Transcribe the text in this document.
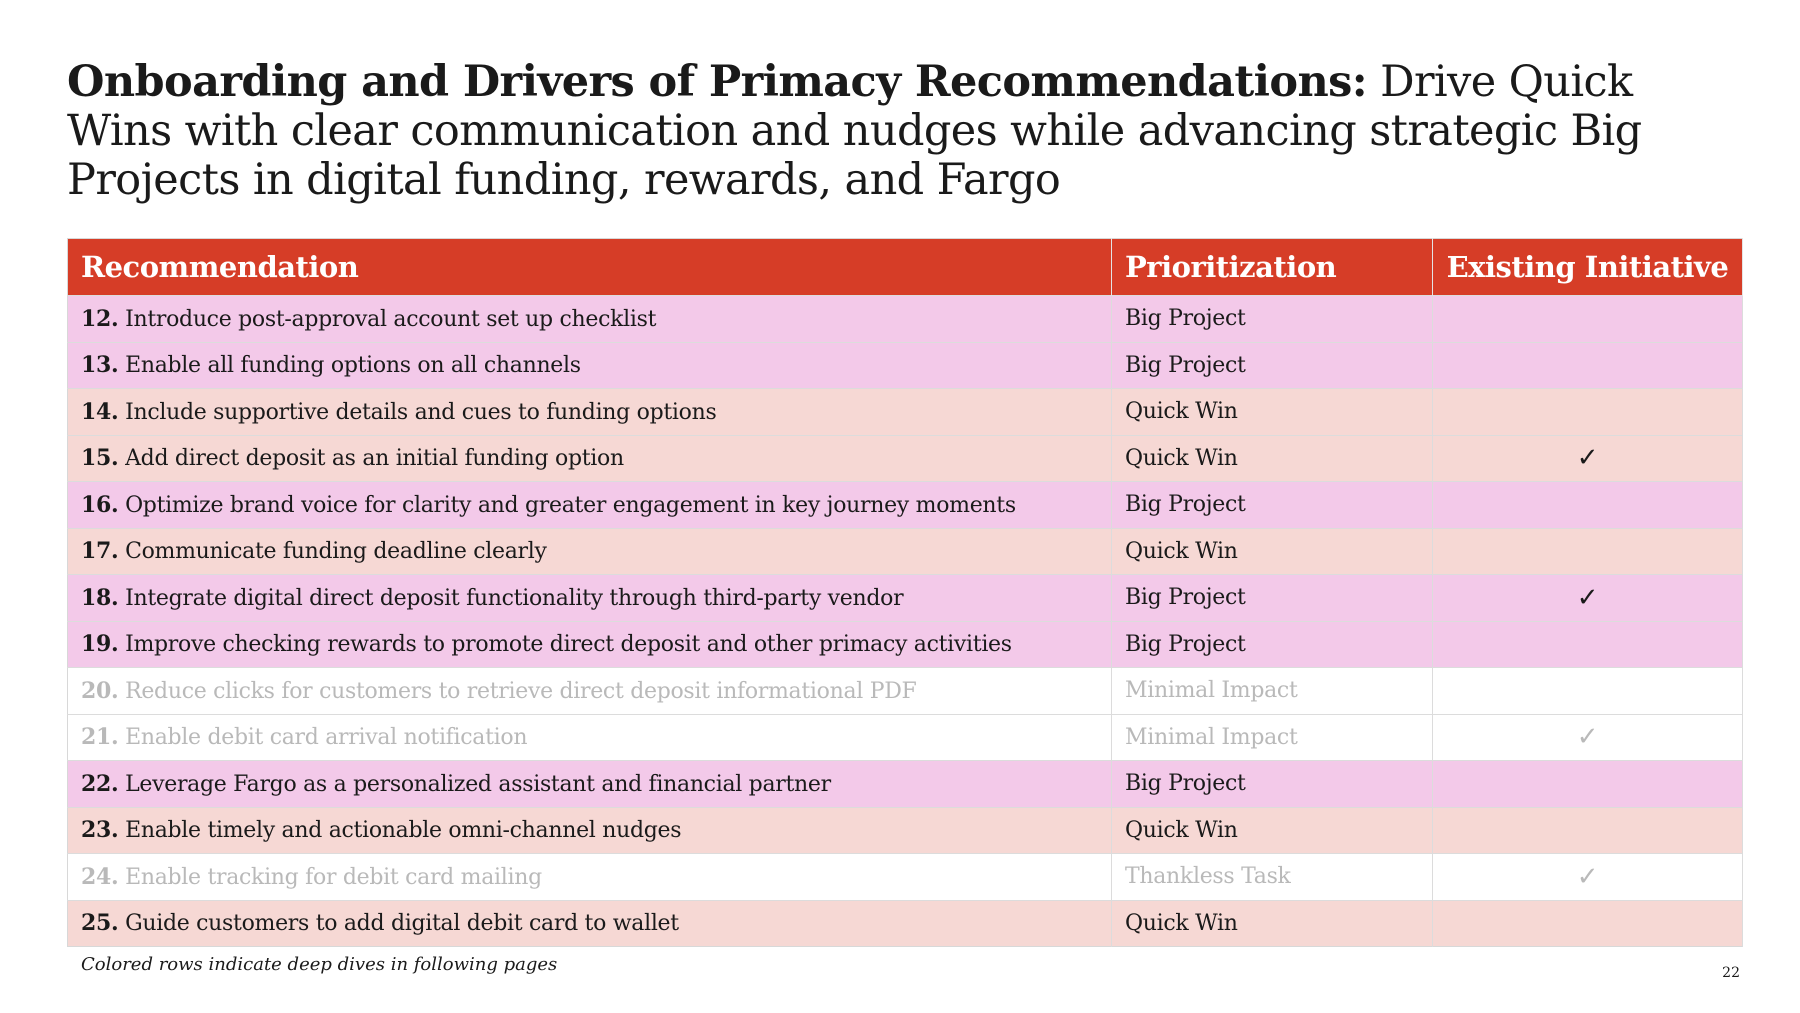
Onboarding and Drivers of Primacy Recommendations: Drive Quick Wins with clear communication and nudges while advancing strategic Big Projects in digital funding, rewards, and Fargo
Recommendation	Prioritization	Existing Initiative
12. Introduce post-approval account set up checklist	Big Project	
13. Enable all funding options on all channels	Big Project	
14. Include supportive details and cues to funding options	Quick Win	
15. Add direct deposit as an initial funding option	Quick Win	✓
16. Optimize brand voice for clarity and greater engagement in key journey moments	Big Project	
17. Communicate funding deadline clearly	Quick Win	
18. Integrate digital direct deposit functionality through third-party vendor	Big Project	✓
19. Improve checking rewards to promote direct deposit and other primacy activities	Big Project	
20. Reduce clicks for customers to retrieve direct deposit informational PDF	Minimal Impact	
21. Enable debit card arrival notification	Minimal Impact	✓
22. Leverage Fargo as a personalized assistant and financial partner	Big Project	
23. Enable timely and actionable omni-channel nudges	Quick Win	
24. Enable tracking for debit card mailing	Thankless Task	✓
25. Guide customers to add digital debit card to wallet	Quick Win	
Colored rows indicate deep dives in following pages	22
